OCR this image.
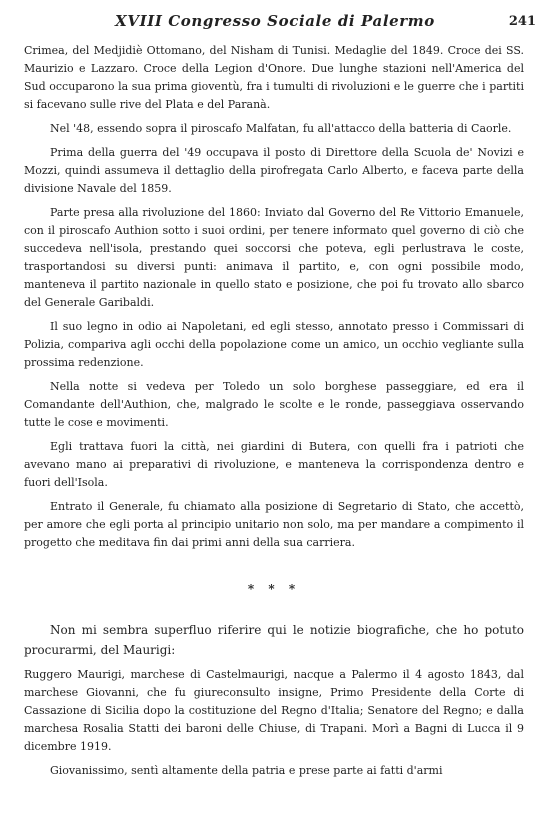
XVIII Congresso Sociale di Palermo	241

Crimea, del Medjidiè Ottomano, del Nisham di Tunisi. Medaglie del 1849. Croce dei SS. Maurizio e Lazzaro. Croce della Legion d'Onore. Due lunghe stazioni nell'America del Sud occuparono la sua prima gioventù, fra i tumulti di rivoluzioni e le guerre che i partiti si facevano sulle rive del Plata e del Paranà.

Nel '48, essendo sopra il piroscafo Malfatan, fu all'attacco della batteria di Caorle.

Prima della guerra del '49 occupava il posto di Direttore della Scuola de' Novizi e Mozzi, quindi assumeva il dettaglio della pirofregata Carlo Alberto, e faceva parte della divisione Navale del 1859.

Parte presa alla rivoluzione del 1860: Inviato dal Governo del Re Vittorio Emanuele, con il piroscafo Authion sotto i suoi ordini, per tenere informato quel governo di ciò che succedeva nell'isola, prestando quei soccorsi che poteva, egli perlustrava le coste, trasportandosi su diversi punti: animava il partito, e, con ogni possibile modo, manteneva il partito nazionale in quello stato e posizione, che poi fu trovato allo sbarco del Generale Garibaldi.

Il suo legno in odio ai Napoletani, ed egli stesso, annotato presso i Commissari di Polizia, compariva agli occhi della popolazione come un amico, un occhio vegliante sulla prossima redenzione.

Nella notte si vedeva per Toledo un solo borghese passeggiare, ed era il Comandante dell'Authion, che, malgrado le scolte e le ronde, passeggiava osservando tutte le cose e movimenti.

Egli trattava fuori la città, nei giardini di Butera, con quelli fra i patrioti che avevano mano ai preparativi di rivoluzione, e manteneva la corrispondenza dentro e fuori dell'Isola.

Entrato il Generale, fu chiamato alla posizione di Segretario di Stato, che accettò, per amore che egli porta al principio unitario non solo, ma per mandare a compimento il progetto che meditava fin dai primi anni della sua carriera.

* * *

Non mi sembra superfluo riferire qui le notizie biografiche, che ho potuto procurarmi, del Maurigi:

Ruggero Maurigi, marchese di Castelmaurigi, nacque a Palermo il 4 agosto 1843, dal marchese Giovanni, che fu giureconsulto insigne, Primo Presidente della Corte di Cassazione di Sicilia dopo la costituzione del Regno d'Italia; Senatore del Regno; e dalla marchesa Rosalia Statti dei baroni delle Chiuse, di Trapani. Morì a Bagni di Lucca il 9 dicembre 1919.

Giovanissimo, sentì altamente della patria e prese parte ai fatti d'armi
